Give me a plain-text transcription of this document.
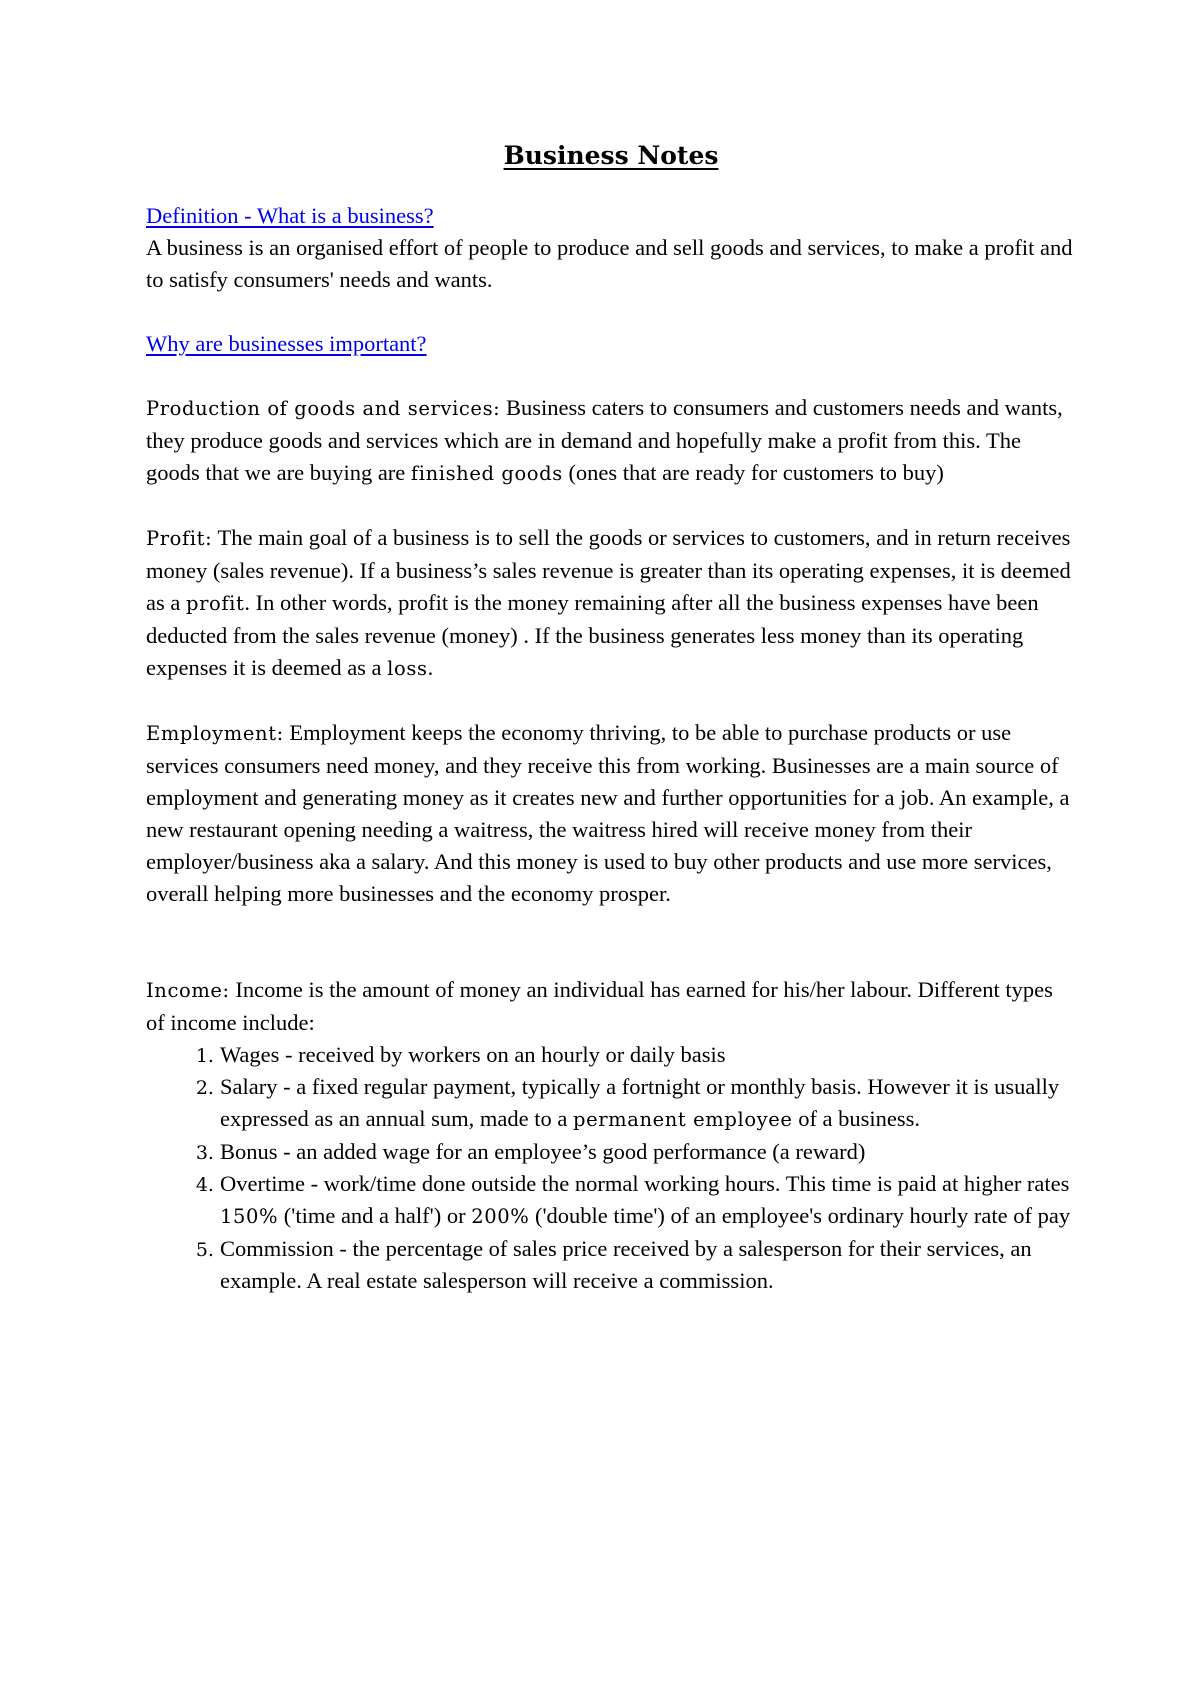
Business Notes

Definition - What is a business?

A business is an organised effort of people to produce and sell goods and services, to make a profit and to satisfy consumers' needs and wants.

Why are businesses important?

Production of goods and services: Business caters to consumers and customers needs and wants, they produce goods and services which are in demand and hopefully make a profit from this. The goods that we are buying are finished goods (ones that are ready for customers to buy)

Profit: The main goal of a business is to sell the goods or services to customers, and in return receives money (sales revenue). If a business’s sales revenue is greater than its operating expenses, it is deemed as a profit. In other words, profit is the money remaining after all the business expenses have been deducted from the sales revenue (money) . If the business generates less money than its operating expenses it is deemed as a loss.

Employment: Employment keeps the economy thriving, to be able to purchase products or use services consumers need money, and they receive this from working. Businesses are a main source of employment and generating money as it creates new and further opportunities for a job. An example, a new restaurant opening needing a waitress, the waitress hired will receive money from their employer/business aka a salary. And this money is used to buy other products and use more services, overall helping more businesses and the economy prosper.

Income: Income is the amount of money an individual has earned for his/her labour. Different types of income include:

1. Wages - received by workers on an hourly or daily basis
2. Salary - a fixed regular payment, typically a fortnight or monthly basis. However it is usually expressed as an annual sum, made to a permanent employee of a business.
3. Bonus - an added wage for an employee’s good performance (a reward)
4. Overtime - work/time done outside the normal working hours. This time is paid at higher rates 150% ('time and a half') or 200% ('double time') of an employee's ordinary hourly rate of pay
5. Commission - the percentage of sales price received by a salesperson for their services, an example. A real estate salesperson will receive a commission.
